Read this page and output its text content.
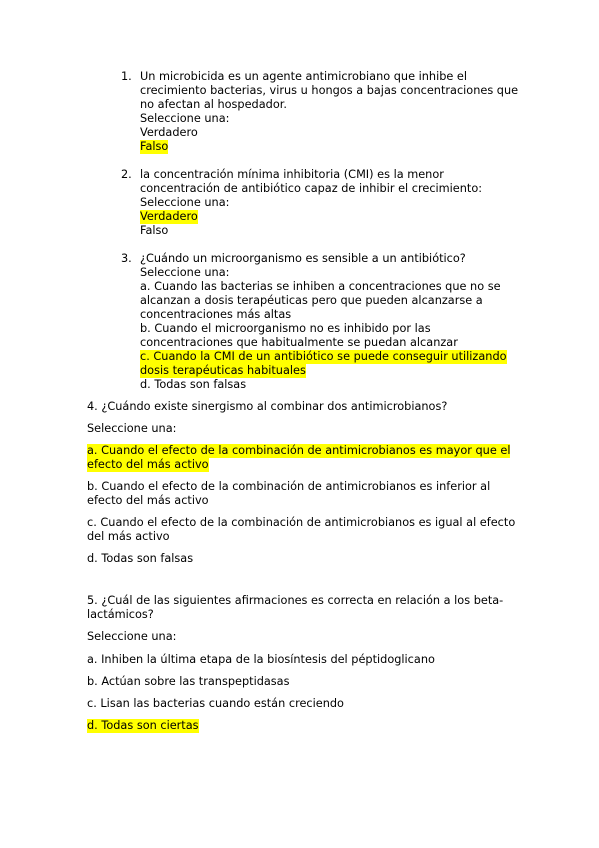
1. Un microbicida es un agente antimicrobiano que inhibe el
crecimiento bacterias, virus u hongos a bajas concentraciones que
no afectan al hospedador.
Seleccione una:
Verdadero
Falso
2. la concentración mínima inhibitoria (CMI) es la menor
concentración de antibiótico capaz de inhibir el crecimiento:
Seleccione una:
Verdadero
Falso
3. ¿Cuándo un microorganismo es sensible a un antibiótico?
Seleccione una:
a. Cuando las bacterias se inhiben a concentraciones que no se
alcanzan a dosis terapéuticas pero que pueden alcanzarse a
concentraciones más altas
b. Cuando el microorganismo no es inhibido por las
concentraciones que habitualmente se puedan alcanzar
c. Cuando la CMI de un antibiótico se puede conseguir utilizando
dosis terapéuticas habituales
d. Todas son falsas
4. ¿Cuándo existe sinergismo al combinar dos antimicrobianos?
Seleccione una:
a. Cuando el efecto de la combinación de antimicrobianos es mayor que el
efecto del más activo
b. Cuando el efecto de la combinación de antimicrobianos es inferior al
efecto del más activo
c. Cuando el efecto de la combinación de antimicrobianos es igual al efecto
del más activo
d. Todas son falsas
5. ¿Cuál de las siguientes afirmaciones es correcta en relación a los beta-
lactámicos?
Seleccione una:
a. Inhiben la última etapa de la biosíntesis del péptidoglicano
b. Actúan sobre las transpeptidasas
c. Lisan las bacterias cuando están creciendo
d. Todas son ciertas
